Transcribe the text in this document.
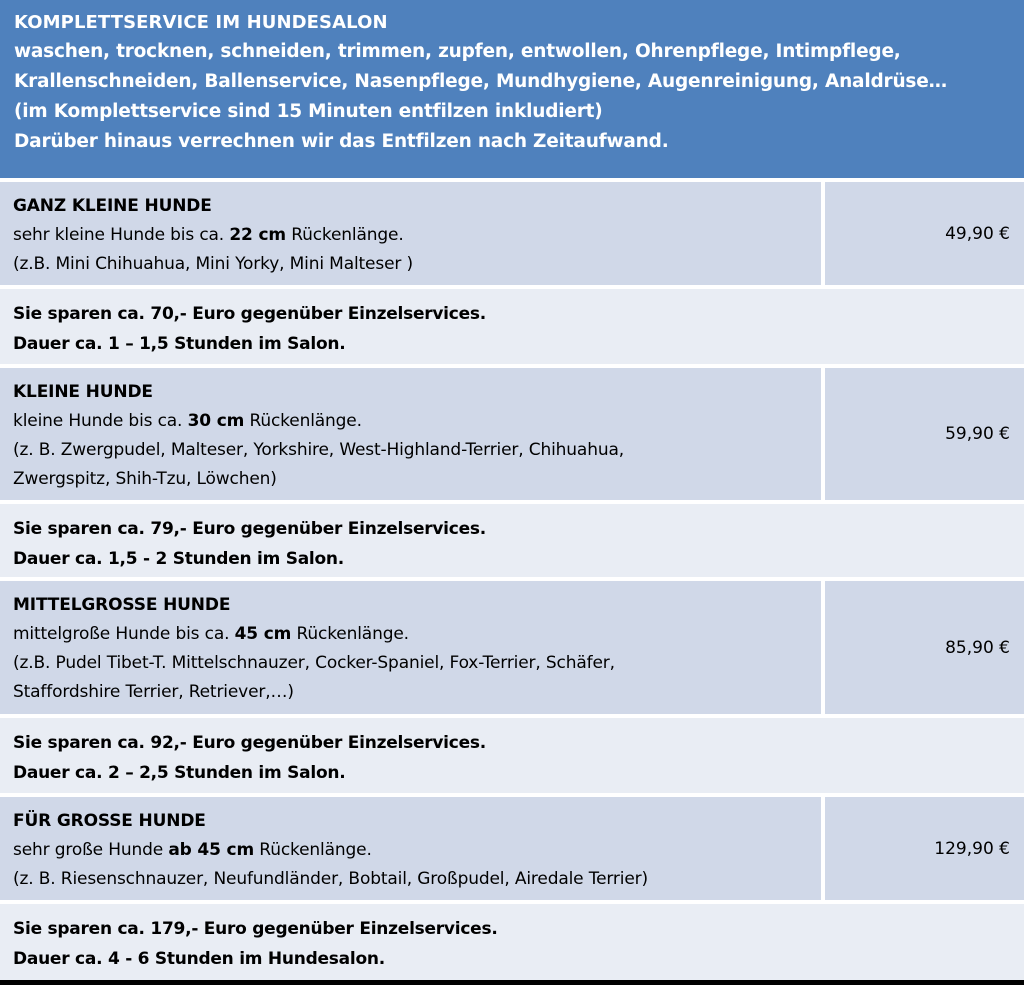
KOMPLETTSERVICE IM HUNDESALON
waschen, trocknen, schneiden, trimmen, zupfen, entwollen, Ohrenpflege, Intimpflege,
Krallenschneiden, Ballenservice, Nasenpflege, Mundhygiene, Augenreinigung, Analdrüse…
(im Komplettservice sind 15 Minuten entfilzen inkludiert)
Darüber hinaus verrechnen wir das Entfilzen nach Zeitaufwand.
GANZ KLEINE HUNDE
sehr kleine Hunde bis ca. 22 cm Rückenlänge.
(z.B. Mini Chihuahua, Mini Yorky, Mini Malteser )
49,90 €
Sie sparen ca. 70,- Euro gegenüber Einzelservices.
Dauer ca. 1 – 1,5 Stunden im Salon.
KLEINE HUNDE
kleine Hunde bis ca. 30 cm Rückenlänge.
(z. B. Zwergpudel, Malteser, Yorkshire, West-Highland-Terrier, Chihuahua,
Zwergspitz, Shih-Tzu, Löwchen)
59,90 €
Sie sparen ca. 79,- Euro gegenüber Einzelservices.
Dauer ca. 1,5 - 2 Stunden im Salon.
MITTELGROSSE HUNDE
mittelgroße Hunde bis ca. 45 cm Rückenlänge.
(z.B. Pudel Tibet-T. Mittelschnauzer, Cocker-Spaniel, Fox-Terrier, Schäfer,
Staffordshire Terrier, Retriever,…)
85,90 €
Sie sparen ca. 92,- Euro gegenüber Einzelservices.
Dauer ca. 2 – 2,5 Stunden im Salon.
FÜR GROSSE HUNDE
sehr große Hunde ab 45 cm Rückenlänge.
(z. B. Riesenschnauzer, Neufundländer, Bobtail, Großpudel, Airedale Terrier)
129,90 €
Sie sparen ca. 179,- Euro gegenüber Einzelservices.
Dauer ca. 4 - 6 Stunden im Hundesalon.
